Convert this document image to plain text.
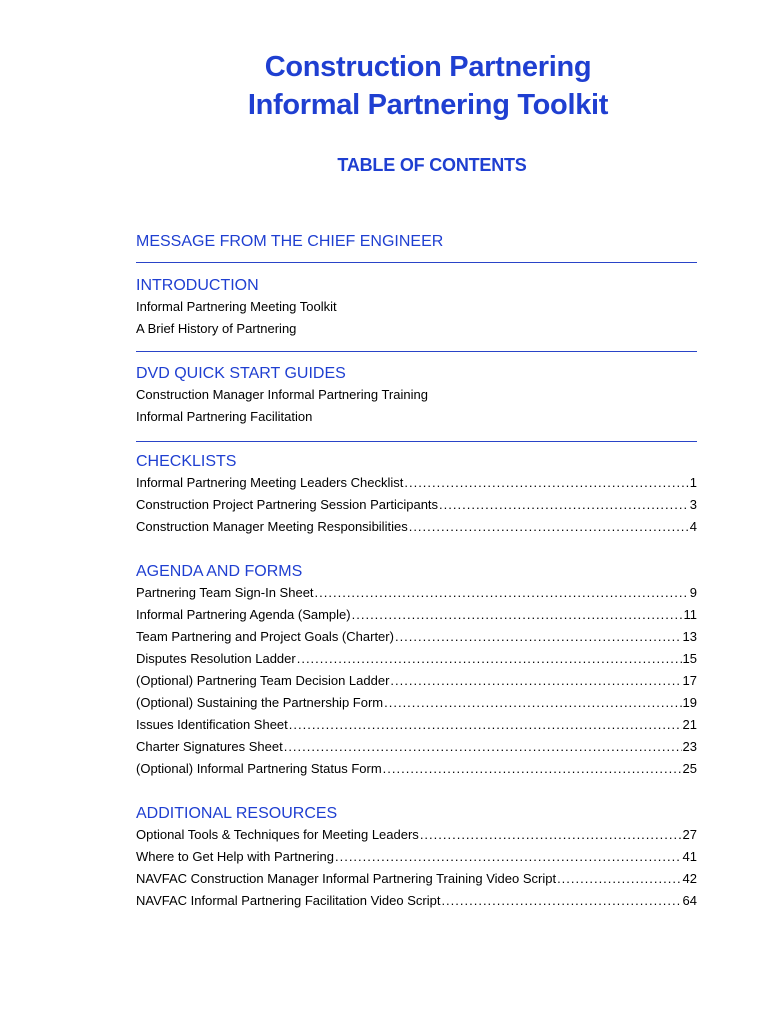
Construction Partnering
Informal Partnering Toolkit
TABLE OF CONTENTS
MESSAGE FROM THE CHIEF ENGINEER
INTRODUCTION
Informal Partnering Meeting Toolkit
A Brief History of Partnering
DVD QUICK START GUIDES
Construction Manager Informal Partnering Training
Informal Partnering Facilitation
CHECKLISTS
Informal Partnering Meeting Leaders Checklist .....	1
Construction Project Partnering Session Participants .....	3
Construction Manager Meeting Responsibilities .....	4
AGENDA AND FORMS
Partnering Team Sign-In Sheet .....	9
Informal Partnering Agenda (Sample) .....	11
Team Partnering and Project Goals (Charter) .....	13
Disputes Resolution Ladder .....	15
(Optional) Partnering Team Decision Ladder .....	17
(Optional) Sustaining the Partnership Form .....	19
Issues Identification Sheet .....	21
Charter Signatures Sheet .....	23
(Optional) Informal Partnering Status Form .....	25
ADDITIONAL RESOURCES
Optional Tools & Techniques for Meeting Leaders .....	27
Where to Get Help with Partnering .....	41
NAVFAC Construction Manager Informal Partnering Training Video Script .....	42
NAVFAC Informal Partnering Facilitation Video Script .....	64
